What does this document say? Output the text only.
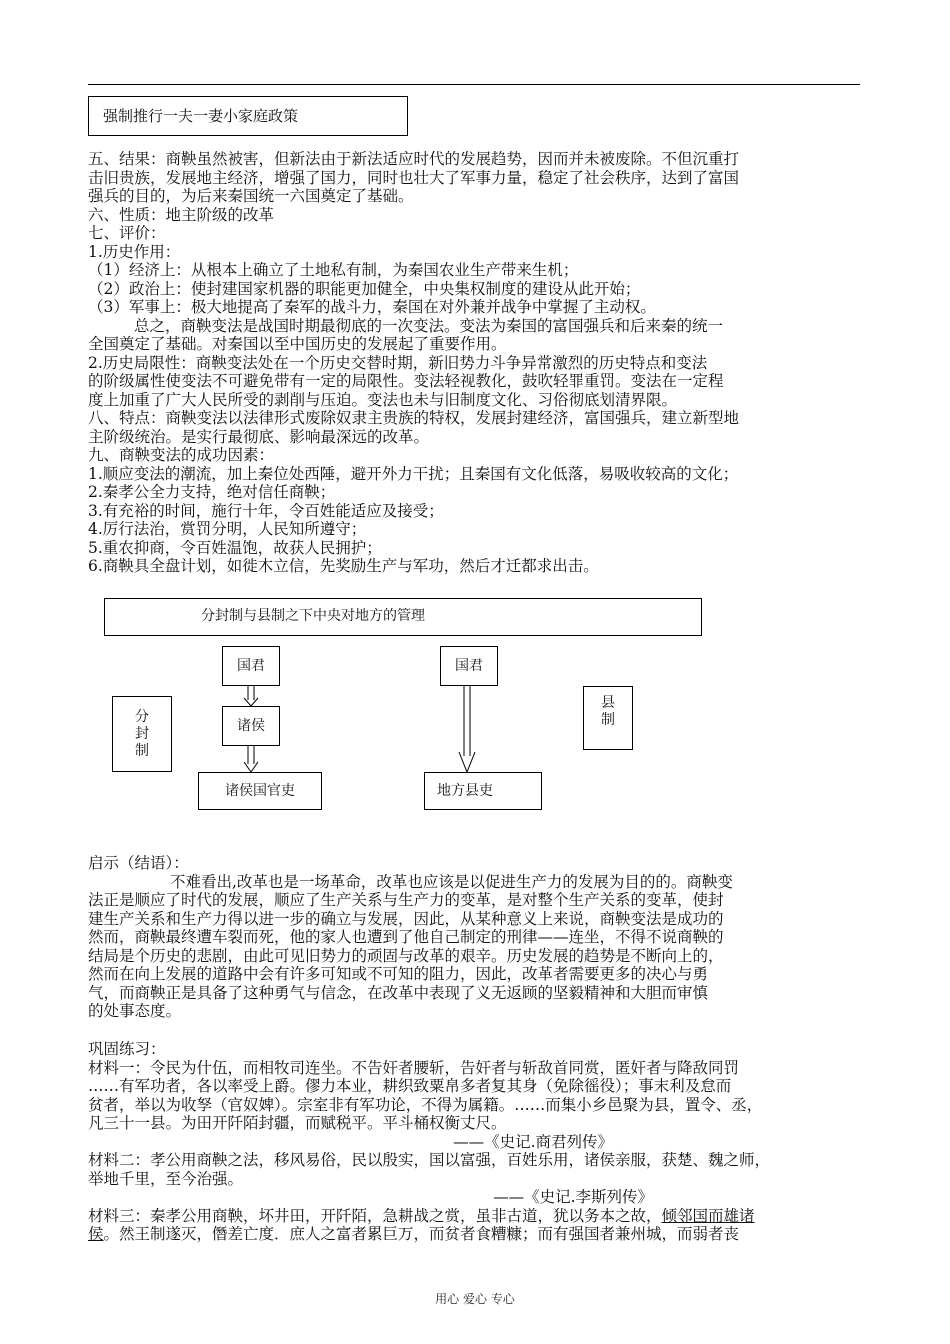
强制推行一夫一妻小家庭政策

五、结果：商鞅虽然被害，但新法由于新法适应时代的发展趋势，因而并未被废除。不但沉重打

击旧贵族，发展地主经济，增强了国力，同时也壮大了军事力量，稳定了社会秩序，达到了富国

强兵的目的，为后来秦国统一六国奠定了基础。

六、性质：地主阶级的改革

七、评价：

1.历史作用：

（1）经济上：从根本上确立了土地私有制，为秦国农业生产带来生机；

（2）政治上：使封建国家机器的职能更加健全，中央集权制度的建设从此开始；

（3）军事上：极大地提高了秦军的战斗力，秦国在对外兼并战争中掌握了主动权。

总之，商鞅变法是战国时期最彻底的一次变法。变法为秦国的富国强兵和后来秦的统一

全国奠定了基础。对秦国以至中国历史的发展起了重要作用。

2.历史局限性：商鞅变法处在一个历史交替时期，新旧势力斗争异常激烈的历史特点和变法

的阶级属性使变法不可避免带有一定的局限性。变法轻视教化，鼓吹轻罪重罚。变法在一定程

度上加重了广大人民所受的剥削与压迫。变法也未与旧制度文化、习俗彻底划清界限。

八、特点：商鞅变法以法律形式废除奴隶主贵族的特权，发展封建经济，富国强兵，建立新型地

主阶级统治。是实行最彻底、影响最深远的改革。

九、商鞅变法的成功因素：

1.顺应变法的潮流，加上秦位处西陲，避开外力干扰；且秦国有文化低落，易吸收较高的文化；

2.秦孝公全力支持，绝对信任商鞅；

3.有充裕的时间，施行十年，令百姓能适应及接受；

4.厉行法治，赏罚分明，人民知所遵守；

5.重农抑商，令百姓温饱，故获人民拥护；

6.商鞅具全盘计划，如徙木立信，先奖励生产与军功，然后才迁都求出击。

分封制与县制之下中央对地方的管理
国君
诸侯
诸侯国官吏
国君
地方县吏
分
封
制
县
制

启示（结语）：

不难看出,改革也是一场革命，改革也应该是以促进生产力的发展为目的的。商鞅变

法正是顺应了时代的发展，顺应了生产关系与生产力的变革，是对整个生产关系的变革，使封

建生产关系和生产力得以进一步的确立与发展，因此，从某种意义上来说，商鞅变法是成功的

然而，商鞅最终遭车裂而死，他的家人也遭到了他自己制定的刑律——连坐，不得不说商鞅的

结局是个历史的悲剧，由此可见旧势力的顽固与改革的艰辛。历史发展的趋势是不断向上的，

然而在向上发展的道路中会有许多可知或不可知的阻力，因此，改革者需要更多的决心与勇

气，而商鞅正是具备了这种勇气与信念，在改革中表现了义无返顾的坚毅精神和大胆而审慎

的处事态度。

巩固练习：

材料一：令民为什伍，而相牧司连坐。不告奸者腰斩，告奸者与斩敌首同赏，匿奸者与降敌同罚

……有军功者，各以率受上爵。僇力本业，耕织致粟帛多者复其身（免除徭役）；事末利及怠而

贫者，举以为收孥（官奴婢）。宗室非有军功论，不得为属籍。……而集小乡邑聚为县，置令、丞，

凡三十一县。为田开阡陌封疆，而赋税平。平斗桶权衡丈尺。

——《史记.商君列传》

材料二：孝公用商鞅之法，移风易俗，民以殷实，国以富强，百姓乐用，诸侯亲服，获楚、魏之师，

举地千里，至今治强。

——《史记.李斯列传》

材料三：秦孝公用商鞅，坏井田，开阡陌，急耕战之赏，虽非古道，犹以务本之故，倾邻国而雄诸

侯。然王制遂灭，僭差亡度．庶人之富者累巨万，而贫者食糟糠；而有强国者兼州城，而弱者丧

用心 爱心 专心
